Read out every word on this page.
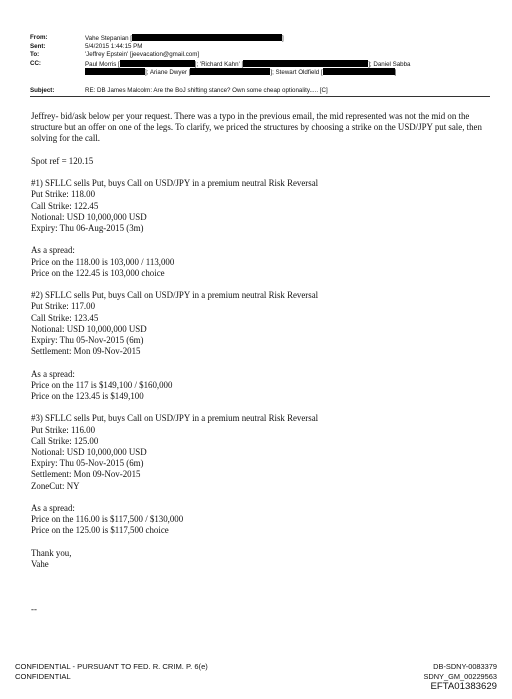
From:	Vahe Stepanian [	]
Sent:	5/4/2015 1:44:15 PM
To:	'Jeffrey Epstein' [jeevacation@gmail.com]
CC:	Paul Morris [	]; 'Richard Kahn' [	]; Daniel Sabba
]; Ariane Dwyer [	]; Stewart Oldfield [	]
Subject:	RE: DB James Malcolm: Are the BoJ shifting stance? Own some cheap optionality..... [C]

Jeffrey- bid/ask below per your request. There was a typo in the previous email, the mid represented was not the mid on the structure but an offer on one of the legs. To clarify, we priced the structures by choosing a strike on the USD/JPY put sale, then solving for the call.

Spot ref = 120.15

#1) SFLLC sells Put, buys Call on USD/JPY in a premium neutral Risk Reversal

Put Strike: 118.00

Call Strike: 122.45

Notional: USD 10,000,000 USD

Expiry: Thu 06-Aug-2015 (3m)

As a spread:

Price on the 118.00 is 103,000 / 113,000

Price on the 122.45 is 103,000 choice

#2) SFLLC sells Put, buys Call on USD/JPY in a premium neutral Risk Reversal

Put Strike: 117.00

Call Strike: 123.45

Notional: USD 10,000,000 USD

Expiry: Thu 05-Nov-2015 (6m)

Settlement: Mon 09-Nov-2015

As a spread:

Price on the 117 is $149,100 / $160,000

Price on the 123.45 is $149,100

#3) SFLLC sells Put, buys Call on USD/JPY in a premium neutral Risk Reversal

Put Strike: 116.00

Call Strike: 125.00

Notional: USD 10,000,000 USD

Expiry: Thu 05-Nov-2015 (6m)

Settlement: Mon 09-Nov-2015

ZoneCut: NY

As a spread:

Price on the 116.00 is $117,500 / $130,000

Price on the 125.00 is $117,500 choice

Thank you,

Vahe

--

CONFIDENTIAL - PURSUANT TO FED. R. CRIM. P. 6(e)
CONFIDENTIAL
DB-SDNY-0083379
SDNY_GM_00229563
EFTA01383629
